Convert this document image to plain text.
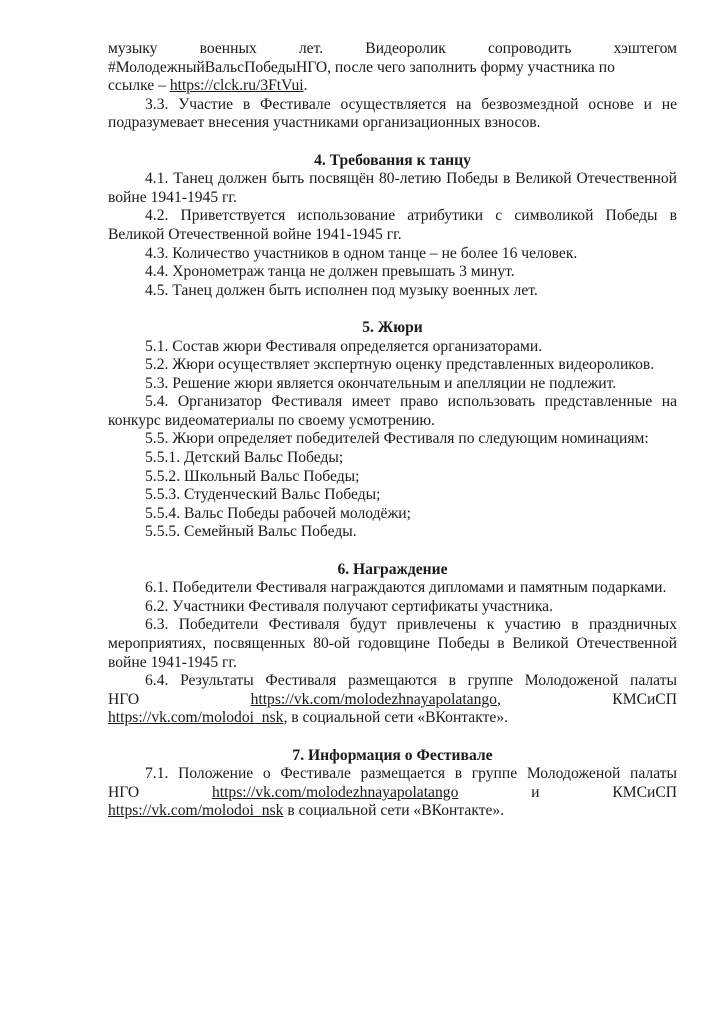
музыку военных лет. Видеоролик сопроводить хэштегом

#МолодежныйВальсПобедыНГО, после чего заполнить форму участника по

ссылке – https://clck.ru/3FtVui.

3.3. Участие в Фестивале осуществляется на безвозмездной основе и не подразумевает внесения участниками организационных взносов.

4. Требования к танцу

4.1. Танец должен быть посвящён 80-летию Победы в Великой Отечественной войне 1941-1945 гг.

4.2. Приветствуется использование атрибутики с символикой Победы в Великой Отечественной войне 1941-1945 гг.

4.3. Количество участников в одном танце – не более 16 человек.

4.4. Хронометраж танца не должен превышать 3 минут.

4.5. Танец должен быть исполнен под музыку военных лет.

5. Жюри

5.1. Состав жюри Фестиваля определяется организаторами.

5.2. Жюри осуществляет экспертную оценку представленных видеороликов.

5.3. Решение жюри является окончательным и апелляции не подлежит.

5.4. Организатор Фестиваля имеет право использовать представленные на конкурс видеоматериалы по своему усмотрению.

5.5. Жюри определяет победителей Фестиваля по следующим номинациям:

5.5.1. Детский Вальс Победы;

5.5.2. Школьный Вальс Победы;

5.5.3. Студенческий Вальс Победы;

5.5.4. Вальс Победы рабочей молодёжи;

5.5.5. Семейный Вальс Победы.

6. Награждение

6.1. Победители Фестиваля награждаются дипломами и памятным подарками.

6.2. Участники Фестиваля получают сертификаты участника.

6.3. Победители Фестиваля будут привлечены к участию в праздничных мероприятиях, посвященных 80-ой годовщине Победы в Великой Отечественной войне 1941-1945 гг.

6.4. Результаты Фестиваля размещаются в группе Молодоженой палаты

НГО	https://vk.com/molodezhnayapolatango,	КМСиСП

https://vk.com/molodoi_nsk, в социальной сети «ВКонтакте».

7. Информация о Фестивале

7.1. Положение о Фестивале размещается в группе Молодоженой палаты

НГО	https://vk.com/molodezhnayapolatango	и	КМСиСП

https://vk.com/molodoi_nsk в социальной сети «ВКонтакте».
